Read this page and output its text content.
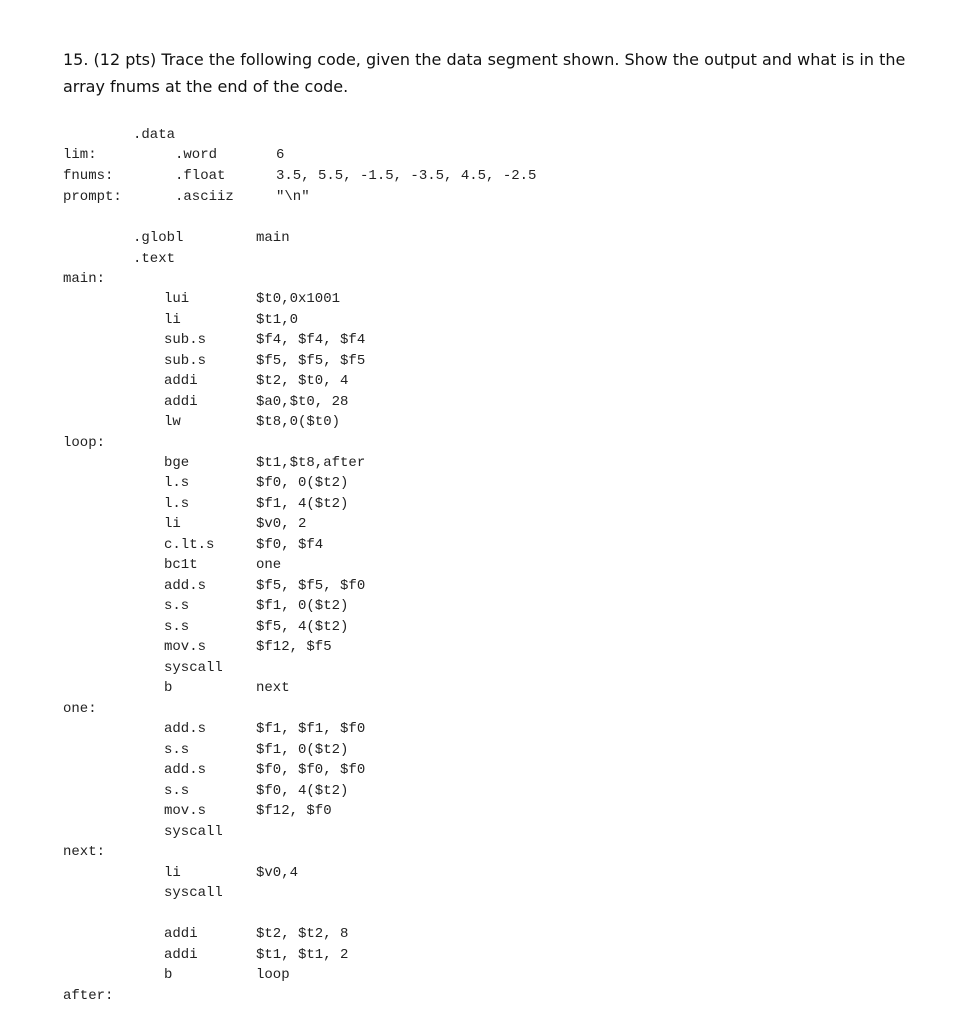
15. (12 pts) Trace the following code, given the data segment shown. Show the output and what is in the array fnums at the end of the code.
.data
lim:	.word	6
fnums:	.float	3.5, 5.5, -1.5, -3.5, 4.5, -2.5
prompt:	.asciiz	"\n"
.globl	main
.text
main:
lui	$t0,0x1001
li	$t1,0
sub.s	$f4, $f4, $f4
sub.s	$f5, $f5, $f5
addi	$t2, $t0, 4
addi	$a0,$t0, 28
lw	$t8,0($t0)
loop:
bge	$t1,$t8,after
l.s	$f0, 0($t2)
l.s	$f1, 4($t2)
li	$v0, 2
c.lt.s	$f0, $f4
bc1t	one
add.s	$f5, $f5, $f0
s.s	$f1, 0($t2)
s.s	$f5, 4($t2)
mov.s	$f12, $f5
syscall
b	next
one:
add.s	$f1, $f1, $f0
s.s	$f1, 0($t2)
add.s	$f0, $f0, $f0
s.s	$f0, 4($t2)
mov.s	$f12, $f0
syscall
next:
li	$v0,4
syscall
addi	$t2, $t2, 8
addi	$t1, $t1, 2
b	loop
after:
